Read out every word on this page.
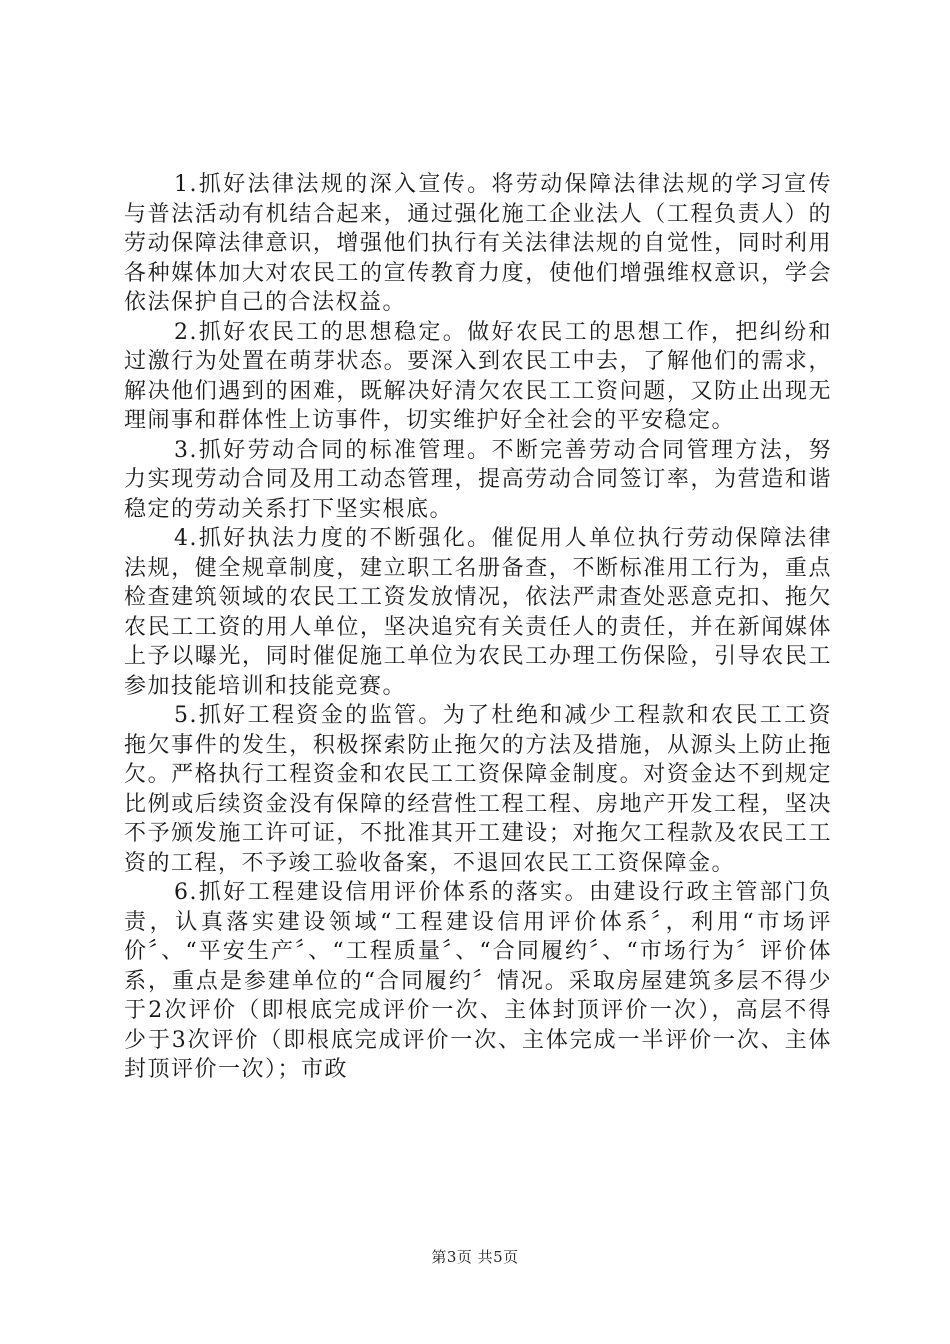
1.抓好法律法规的深入宣传。将劳动保障法律法规的学习宣传与普法活动有机结合起来，通过强化施工企业法人（工程负责人）的劳动保障法律意识，增强他们执行有关法律法规的自觉性，同时利用各种媒体加大对农民工的宣传教育力度，使他们增强维权意识，学会依法保护自己的合法权益。

2.抓好农民工的思想稳定。做好农民工的思想工作，把纠纷和过激行为处置在萌芽状态。要深入到农民工中去，了解他们的需求，解决他们遇到的困难，既解决好清欠农民工工资问题，又防止出现无理闹事和群体性上访事件，切实维护好全社会的平安稳定。

3.抓好劳动合同的标准管理。不断完善劳动合同管理方法，努力实现劳动合同及用工动态管理，提高劳动合同签订率，为营造和谐稳定的劳动关系打下坚实根底。

4.抓好执法力度的不断强化。催促用人单位执行劳动保障法律法规，健全规章制度，建立职工名册备查，不断标准用工行为，重点检查建筑领域的农民工工资发放情况，依法严肃查处恶意克扣、拖欠农民工工资的用人单位，坚决追究有关责任人的责任，并在新闻媒体上予以曝光，同时催促施工单位为农民工办理工伤保险，引导农民工参加技能培训和技能竞赛。

5.抓好工程资金的监管。为了杜绝和减少工程款和农民工工资拖欠事件的发生，积极探索防止拖欠的方法及措施，从源头上防止拖欠。严格执行工程资金和农民工工资保障金制度。对资金达不到规定比例或后续资金没有保障的经营性工程工程、房地产开发工程，坚决不予颁发施工许可证，不批准其开工建设；对拖欠工程款及农民工工资的工程，不予竣工验收备案，不退回农民工工资保障金。

6.抓好工程建设信用评价体系的落实。由建设行政主管部门负责，认真落实建设领域“工程建设信用评价体系〞，利用“市场评价〞、“平安生产〞、“工程质量〞、“合同履约〞、“市场行为〞评价体系，重点是参建单位的“合同履约〞情况。采取房屋建筑多层不得少于2次评价（即根底完成评价一次、主体封顶评价一次），高层不得少于3次评价（即根底完成评价一次、主体完成一半评价一次、主体封顶评价一次）；市政

第3页 共5页
